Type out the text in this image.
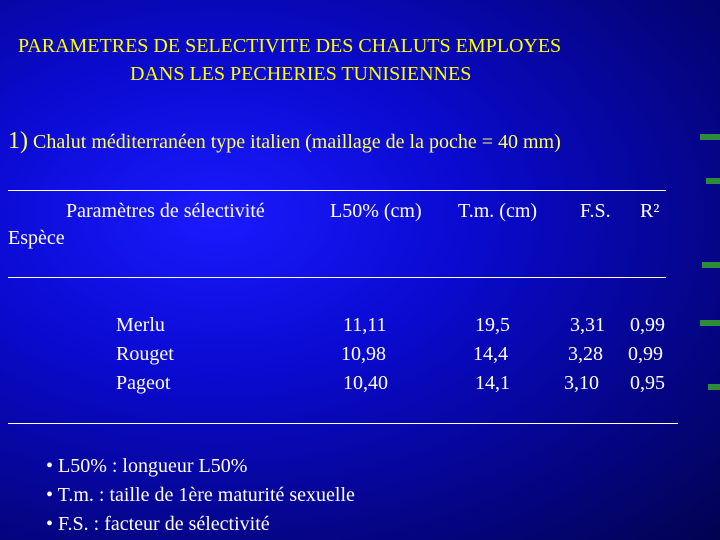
PARAMETRES DE SELECTIVITE DES CHALUTS EMPLOYES
DANS LES PECHERIES TUNISIENNES
1) Chalut méditerranéen type italien (maillage de la poche = 40 mm)
Paramètres de sélectivité
Espèce
L50% (cm) T.m. (cm) F.S. R²
Merlu	11,11	19,5	3,31 0,99
Rouget	10,98	14,4	3,28 0,99
Pageot	10,40	14,1	3,10 0,95
• L50% : longueur L50%
• T.m. : taille de 1ère maturité sexuelle
• F.S. : facteur de sélectivité
